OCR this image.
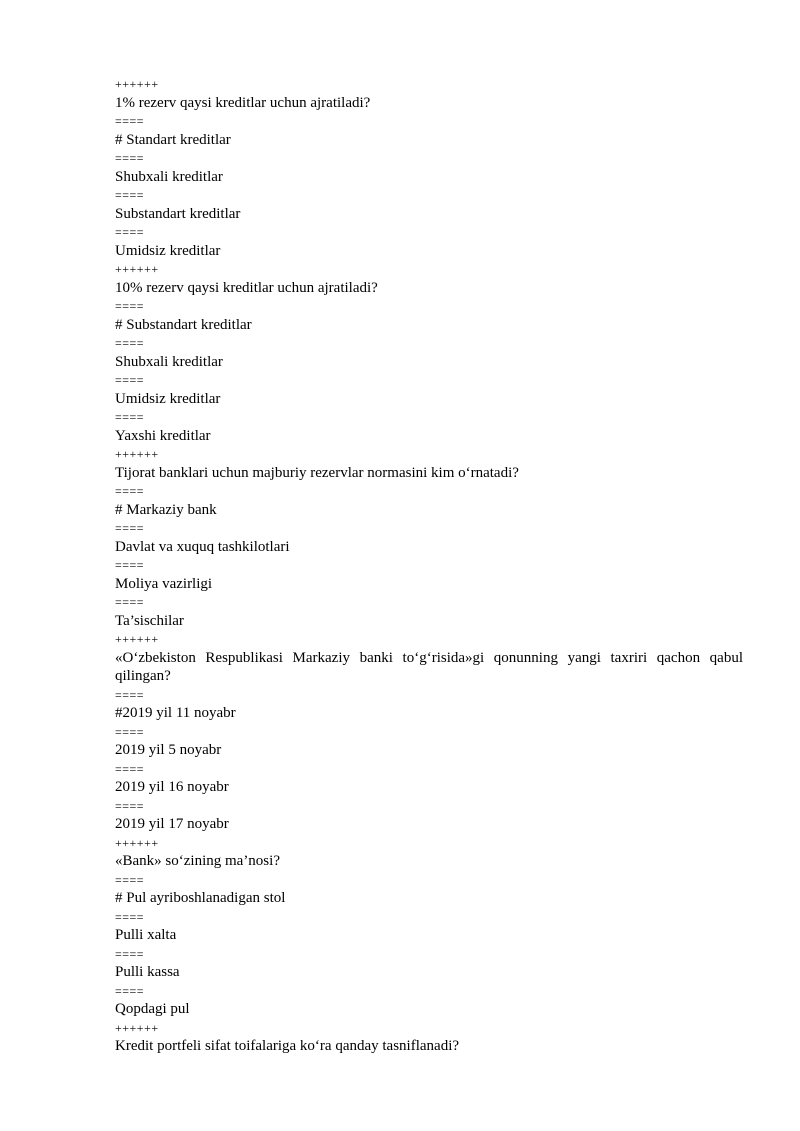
++++++
1% rezerv qaysi kreditlar uchun ajratiladi?
====
# Standart kreditlar
====
Shubxali kreditlar
====
Substandart kreditlar
====
Umidsiz kreditlar
++++++
10% rezerv qaysi kreditlar uchun ajratiladi?
====
# Substandart kreditlar
====
Shubxali kreditlar
====
Umidsiz kreditlar
====
Yaxshi kreditlar
++++++
Tijorat banklari uchun majburiy rezervlar normasini kim o‘rnatadi?
====
# Markaziy bank
====
Davlat va xuquq tashkilotlari
====
Moliya vazirligi
====
Ta’sischilar
++++++
«O‘zbekiston Respublikasi Markaziy banki to‘g‘risida»gi qonunning yangi taxriri qachon qabul qilingan?
====
#2019 yil 11 noyabr
====
2019 yil 5 noyabr
====
2019 yil 16 noyabr
====
2019 yil 17 noyabr
++++++
«Bank» so‘zining ma’nosi?
====
# Pul ayriboshlanadigan stol
====
Pulli xalta
====
Pulli kassa
====
Qopdagi pul
++++++
Kredit portfeli sifat toifalariga ko‘ra qanday tasniflanadi?
